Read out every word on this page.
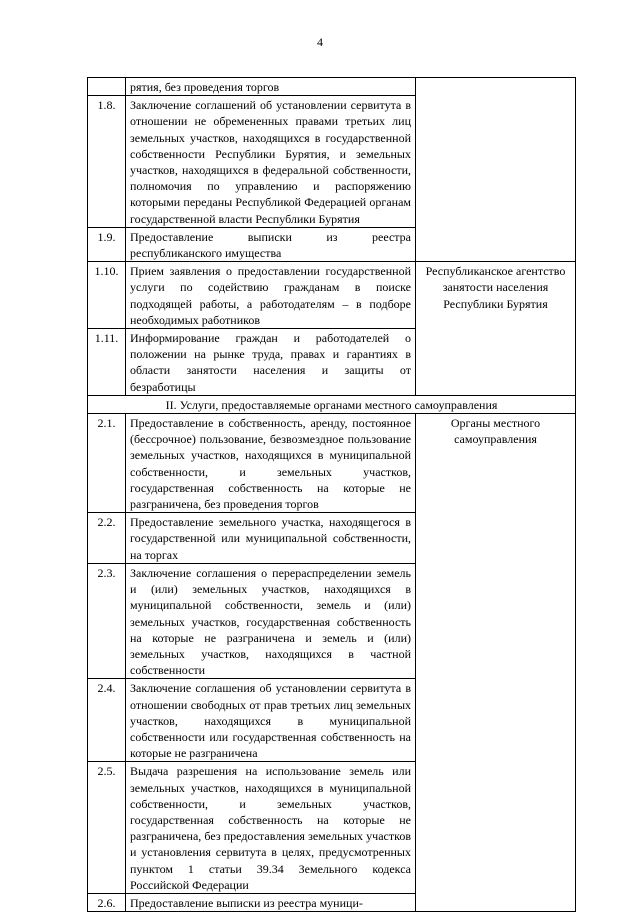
4
	рятия, без проведения торгов	
1.8.	Заключение соглашений об установлении сервитута в отношении не обремененных правами третьих лиц земельных участков, находящихся в государственной собственности Республики Бурятия, и земельных участков, находящихся в федеральной собственности, полномочия по управлению и распоряжению которыми переданы Республикой Федерацией органам государственной власти Республики Бурятия	
1.9.	Предоставление выписки из реестра республиканского имущества	
1.10.	Прием заявления о предоставлении государственной услуги по содействию гражданам в поиске подходящей работы, а работодателям – в подборе необходимых работников	Республиканское агентство занятости населения Республики Бурятия
1.11.	Информирование граждан и работодателей о положении на рынке труда, правах и гарантиях в области занятости населения и защиты от безработицы	
II. Услуги, предоставляемые органами местного самоуправления		
2.1.	Предоставление в собственность, аренду, постоянное (бессрочное) пользование, безвозмездное пользование земельных участков, находящихся в муниципальной собственности, и земельных участков, государственная собственность на которые не разграничена, без проведения торгов	Органы местного самоуправления
2.2.	Предоставление земельного участка, находящегося в государственной или муниципальной собственности, на торгах	
2.3.	Заключение соглашения о перераспределении земель и (или) земельных участков, находящихся в муниципальной собственности, земель и (или) земельных участков, государственная собственность на которые не разграничена и земель и (или) земельных участков, находящихся в частной собственности	
2.4.	Заключение соглашения об установлении сервитута в отношении свободных от прав третьих лиц земельных участков, находящихся в муниципальной собственности или государственная собственность на которые не разграничена	
2.5.	Выдача разрешения на использование земель или земельных участков, находящихся в муниципальной собственности, и земельных участков, государственная собственность на которые не разграничена, без предоставления земельных участков и установления сервитута в целях, предусмотренных пунктом 1 статьи 39.34 Земельного кодекса Российской Федерации	
2.6.	Предоставление выписки из реестра муници-	
